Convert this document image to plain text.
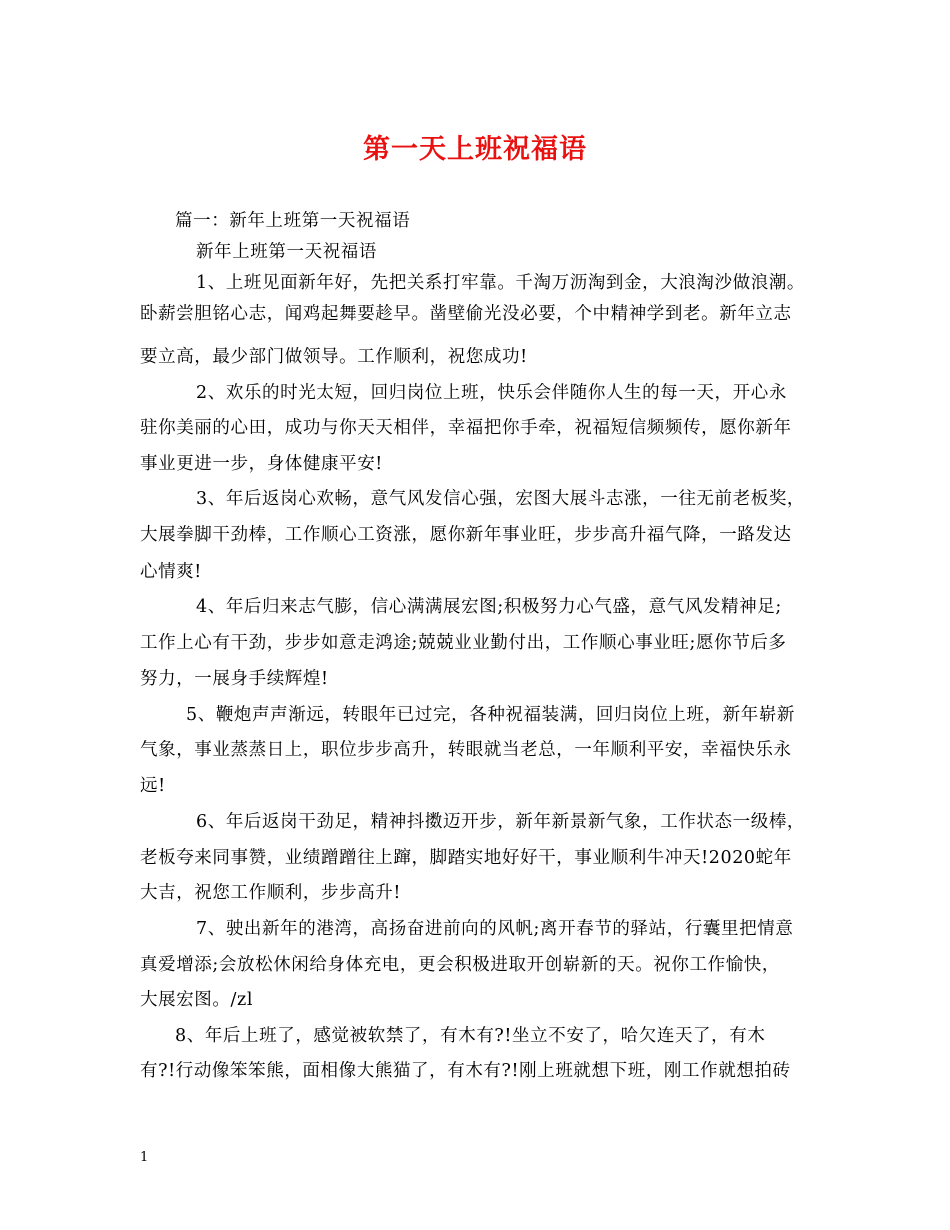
第一天上班祝福语
篇一：新年上班第一天祝福语
新年上班第一天祝福语
1、上班见面新年好，先把关系打牢靠。千淘万沥淘到金，大浪淘沙做浪潮。
卧薪尝胆铭心志，闻鸡起舞要趁早。凿壁偷光没必要，个中精神学到老。新年立志
要立高，最少部门做领导。工作顺利，祝您成功!
2、欢乐的时光太短，回归岗位上班，快乐会伴随你人生的每一天，开心永
驻你美丽的心田，成功与你天天相伴，幸福把你手牵，祝福短信频频传，愿你新年
事业更进一步，身体健康平安!
3、年后返岗心欢畅，意气风发信心强，宏图大展斗志涨，一往无前老板奖，
大展拳脚干劲棒，工作顺心工资涨，愿你新年事业旺，步步高升福气降，一路发达
心情爽!
4、年后归来志气膨，信心满满展宏图;积极努力心气盛，意气风发精神足;
工作上心有干劲，步步如意走鸿途;兢兢业业勤付出，工作顺心事业旺;愿你节后多
努力，一展身手续辉煌!
5、鞭炮声声渐远，转眼年已过完，各种祝福装满，回归岗位上班，新年崭新
气象，事业蒸蒸日上，职位步步高升，转眼就当老总，一年顺利平安，幸福快乐永
远!
6、年后返岗干劲足，精神抖擞迈开步，新年新景新气象，工作状态一级棒，
老板夸来同事赞，业绩蹭蹭往上蹿，脚踏实地好好干，事业顺利牛冲天!2020蛇年
大吉，祝您工作顺利，步步高升!
7、驶出新年的港湾，高扬奋进前向的风帆;离开春节的驿站，行囊里把情意
真爱增添;会放松休闲给身体充电，更会积极进取开创崭新的天。祝你工作愉快，
大展宏图。/zl
8、年后上班了，感觉被软禁了，有木有?!坐立不安了，哈欠连天了，有木
有?!行动像笨笨熊，面相像大熊猫了，有木有?!刚上班就想下班，刚工作就想拍砖
1
